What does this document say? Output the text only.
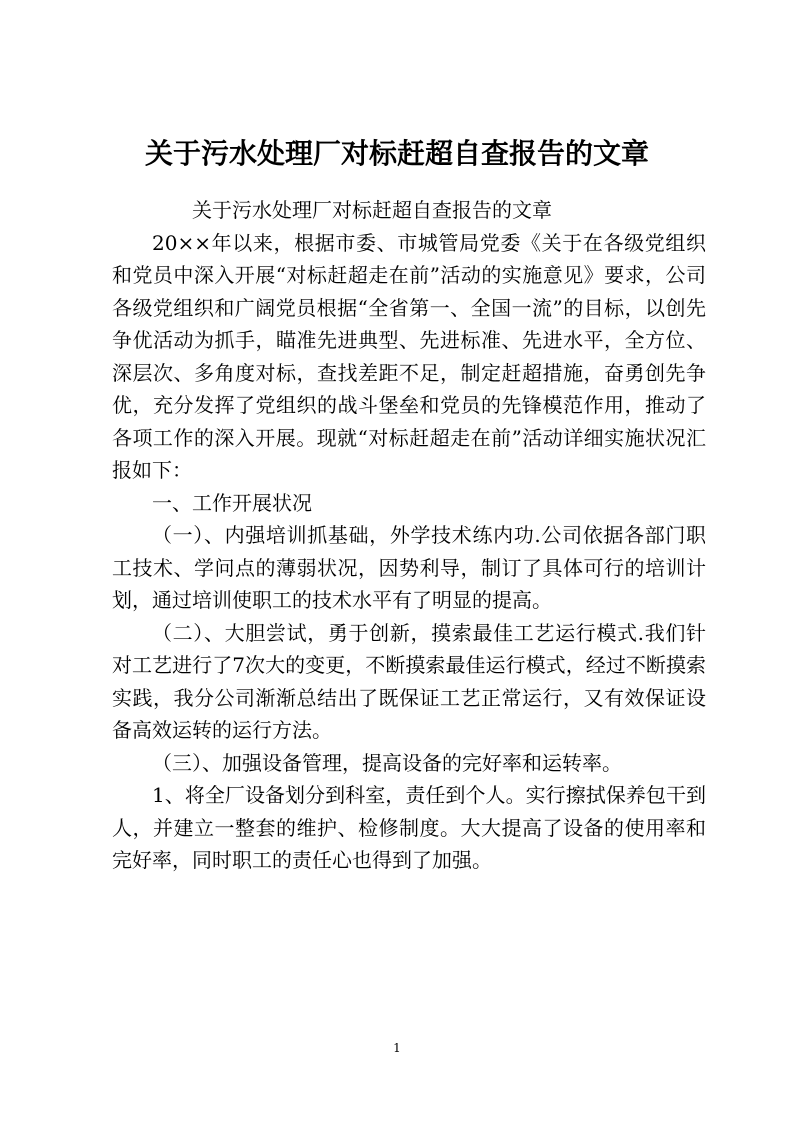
关于污水处理厂对标赶超自查报告的文章

关于污水处理厂对标赶超自查报告的文章

20××年以来，根据市委、市城管局党委《关于在各级党组织和党员中深入开展“对标赶超走在前”活动的实施意见》要求，公司各级党组织和广阔党员根据“全省第一、全国一流”的目标，以创先争优活动为抓手，瞄准先进典型、先进标准、先进水平，全方位、深层次、多角度对标，查找差距不足，制定赶超措施，奋勇创先争优，充分发挥了党组织的战斗堡垒和党员的先锋模范作用，推动了各项工作的深入开展。现就“对标赶超走在前”活动详细实施状况汇报如下：

一、工作开展状况

（一）、内强培训抓基础，外学技术练内功.公司依据各部门职工技术、学问点的薄弱状况，因势利导，制订了具体可行的培训计划，通过培训使职工的技术水平有了明显的提高。

（二）、大胆尝试，勇于创新，摸索最佳工艺运行模式.我们针对工艺进行了7次大的变更，不断摸索最佳运行模式，经过不断摸索实践，我分公司渐渐总结出了既保证工艺正常运行，又有效保证设备高效运转的运行方法。

（三）、加强设备管理，提高设备的完好率和运转率。

1、将全厂设备划分到科室，责任到个人。实行擦拭保养包干到人，并建立一整套的维护、检修制度。大大提高了设备的使用率和完好率，同时职工的责任心也得到了加强。

1
